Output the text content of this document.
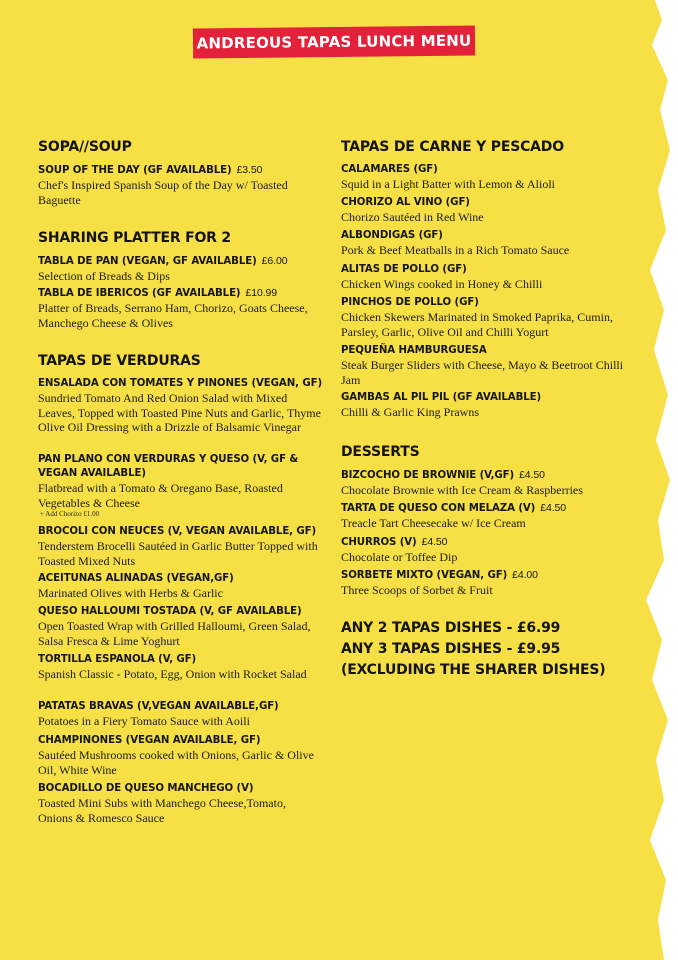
ANDREOUS TAPAS LUNCH MENU
SOPA//SOUP
SOUP OF THE DAY (GF AVAILABLE) £3.50
Chef's Inspired Spanish Soup of the Day w/ Toasted Baguette
SHARING PLATTER FOR 2
TABLA DE PAN (VEGAN, GF AVAILABLE) £6.00
Selection of Breads & Dips
TABLA DE IBERICOS (GF AVAILABLE) £10.99
Platter of Breads, Serrano Ham, Chorizo, Goats Cheese, Manchego Cheese & Olives
TAPAS DE VERDURAS
ENSALADA CON TOMATES Y PINONES (VEGAN, GF)
Sundried Tomato And Red Onion Salad with Mixed Leaves, Topped with Toasted Pine Nuts and Garlic, Thyme Olive Oil Dressing with a Drizzle of Balsamic Vinegar
PAN PLANO CON VERDURAS Y QUESO (V, GF & VEGAN AVAILABLE)
Flatbread with a Tomato & Oregano Base, Roasted Vegetables & Cheese
+ Add Chorizo £1.00
BROCOLI CON NEUCES (V, VEGAN AVAILABLE, GF)
Tenderstem Brocelli Sautéed in Garlic Butter Topped with Toasted Mixed Nuts
ACEITUNAS ALINADAS (VEGAN,GF)
Marinated Olives with Herbs & Garlic
QUESO HALLOUMI TOSTADA (V, GF AVAILABLE)
Open Toasted Wrap with Grilled Halloumi, Green Salad, Salsa Fresca & Lime Yoghurt
TORTILLA ESPANOLA (V, GF)
Spanish Classic - Potato, Egg, Onion with Rocket Salad
PATATAS BRAVAS (V,VEGAN AVAILABLE,GF)
Potatoes in a Fiery Tomato Sauce with Aoili
CHAMPINONES (VEGAN AVAILABLE, GF)
Sautéed Mushrooms cooked with Onions, Garlic & Olive Oil, White Wine
BOCADILLO DE QUESO MANCHEGO (V)
Toasted Mini Subs with Manchego Cheese,Tomato, Onions & Romesco Sauce
TAPAS DE CARNE Y PESCADO
CALAMARES (GF)
Squid in a Light Batter with Lemon & Alioli
CHORIZO AL VINO (GF)
Chorizo Sautéed in Red Wine
ALBONDIGAS (GF)
Pork & Beef Meatballs in a Rich Tomato Sauce
ALITAS DE POLLO (GF)
Chicken Wings cooked in Honey & Chilli
PINCHOS DE POLLO (GF)
Chicken Skewers Marinated in Smoked Paprika, Cumin, Parsley, Garlic, Olive Oil and Chilli Yogurt
PEQUEÑA HAMBURGUESA
Steak Burger Sliders with Cheese, Mayo & Beetroot Chilli Jam
GAMBAS AL PIL PIL (GF AVAILABLE)
Chilli & Garlic King Prawns
DESSERTS
BIZCOCHO DE BROWNIE (V,GF) £4.50
Chocolate Brownie with Ice Cream & Raspberries
TARTA DE QUESO CON MELAZA (V) £4.50
Treacle Tart Cheesecake w/ Ice Cream
CHURROS (V) £4.50
Chocolate or Toffee Dip
SORBETE MIXTO (VEGAN, GF) £4.00
Three Scoops of Sorbet & Fruit
ANY 2 TAPAS DISHES - £6.99
ANY 3 TAPAS DISHES - £9.95
(EXCLUDING THE SHARER DISHES)
